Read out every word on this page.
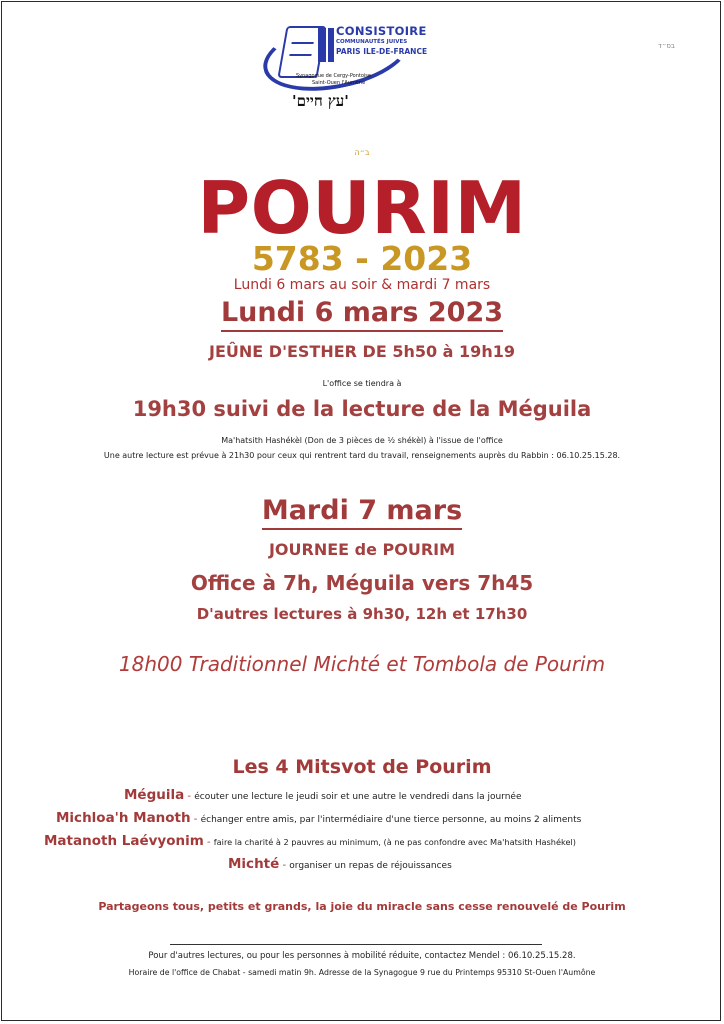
CONSISTOIRE
COMMUNAUTÉS JUIVES
PARIS ILE-DE-FRANCE
Synagogue de Cergy-Pontoise
Saint-Ouen l'Aumône
'עץ חיים'
בס״ד
ב״ה
POURIM
5783 - 2023
Lundi 6 mars au soir & mardi 7 mars
Lundi 6 mars 2023
JEÛNE D'ESTHER DE 5h50 à 19h19
L'office se tiendra à
19h30 suivi de la lecture de la Méguila
Ma'hatsith Hashékèl (Don de 3 pièces de ½ shékèl) à l'issue de l'office
Une autre lecture est prévue à 21h30 pour ceux qui rentrent tard du travail, renseignements auprès du Rabbin : 06.10.25.15.28.
Mardi 7 mars
JOURNEE de POURIM
Office à 7h, Méguila vers 7h45
D'autres lectures à 9h30, 12h et 17h30
18h00 Traditionnel Michté et Tombola de Pourim
Les 4 Mitsvot de Pourim
Méguila - écouter une lecture le jeudi soir et une autre le vendredi dans la journée
Michloa'h Manoth - échanger entre amis, par l'intermédiaire d'une tierce personne, au moins 2 aliments
Matanoth Laévyonim - faire la charité à 2 pauvres au minimum, (à ne pas confondre avec Ma'hatsith Hashékel)
Michté - organiser un repas de réjouissances
Partageons tous, petits et grands, la joie du miracle sans cesse renouvelé de Pourim
Pour d'autres lectures, ou pour les personnes à mobilité réduite, contactez Mendel : 06.10.25.15.28.
Horaire de l'office de Chabat - samedi matin 9h. Adresse de la Synagogue 9 rue du Printemps 95310 St-Ouen l'Aumône
